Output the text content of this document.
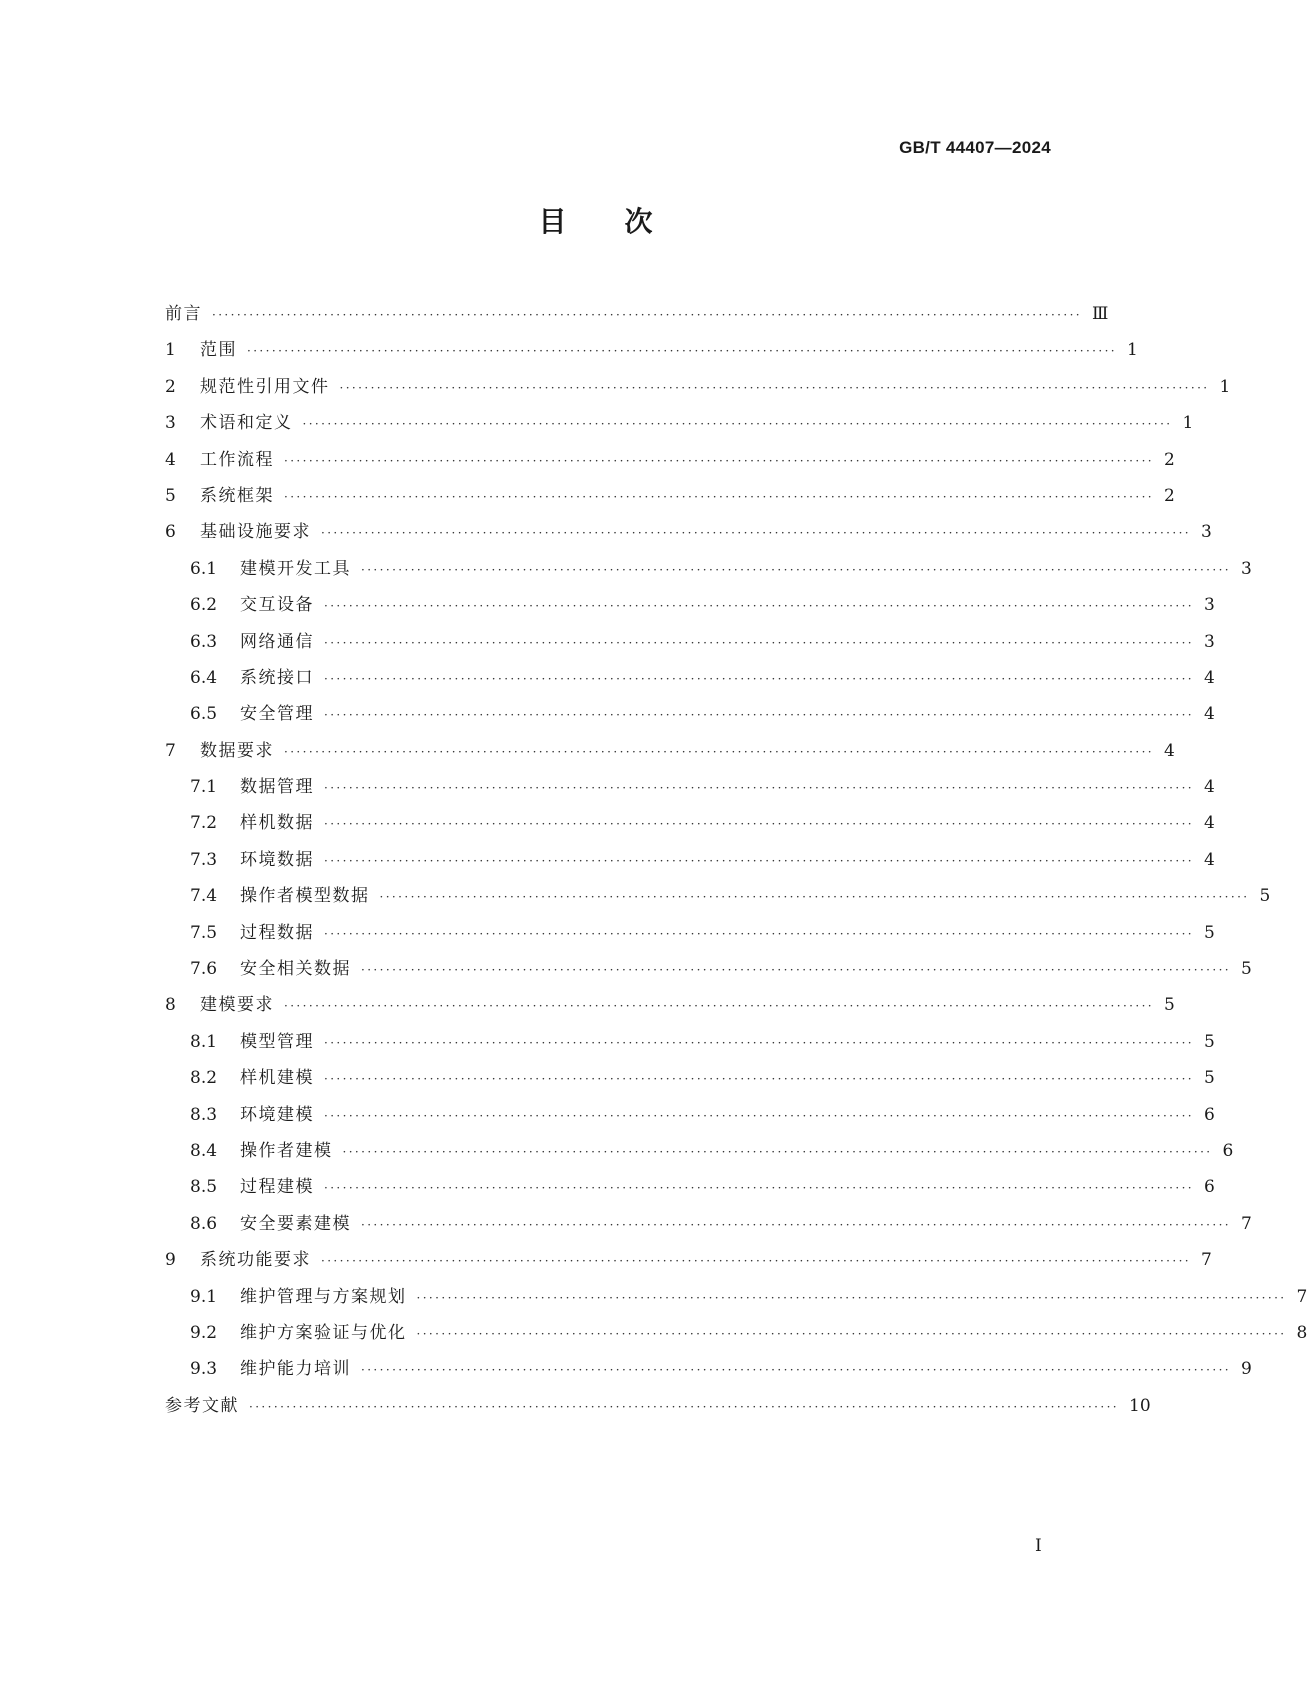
GB/T 44407—2024
目次
前言 ············································································································································ Ⅲ
1	范围 ············································································································································ 1
2	规范性引用文件 ············································································································································ 1
3	术语和定义 ············································································································································ 1
4	工作流程 ············································································································································ 2
5	系统框架 ············································································································································ 2
6	基础设施要求 ············································································································································ 3
6.1	建模开发工具 ············································································································································ 3
6.2	交互设备 ············································································································································ 3
6.3	网络通信 ············································································································································ 3
6.4	系统接口 ············································································································································ 4
6.5	安全管理 ············································································································································ 4
7	数据要求 ············································································································································ 4
7.1	数据管理 ············································································································································ 4
7.2	样机数据 ············································································································································ 4
7.3	环境数据 ············································································································································ 4
7.4	操作者模型数据 ············································································································································ 5
7.5	过程数据 ············································································································································ 5
7.6	安全相关数据 ············································································································································ 5
8	建模要求 ············································································································································ 5
8.1	模型管理 ············································································································································ 5
8.2	样机建模 ············································································································································ 5
8.3	环境建模 ············································································································································ 6
8.4	操作者建模 ············································································································································ 6
8.5	过程建模 ············································································································································ 6
8.6	安全要素建模 ············································································································································ 7
9	系统功能要求 ············································································································································ 7
9.1	维护管理与方案规划 ············································································································································ 7
9.2	维护方案验证与优化 ············································································································································ 8
9.3	维护能力培训 ············································································································································ 9
参考文献 ············································································································································ 10
Ⅰ
